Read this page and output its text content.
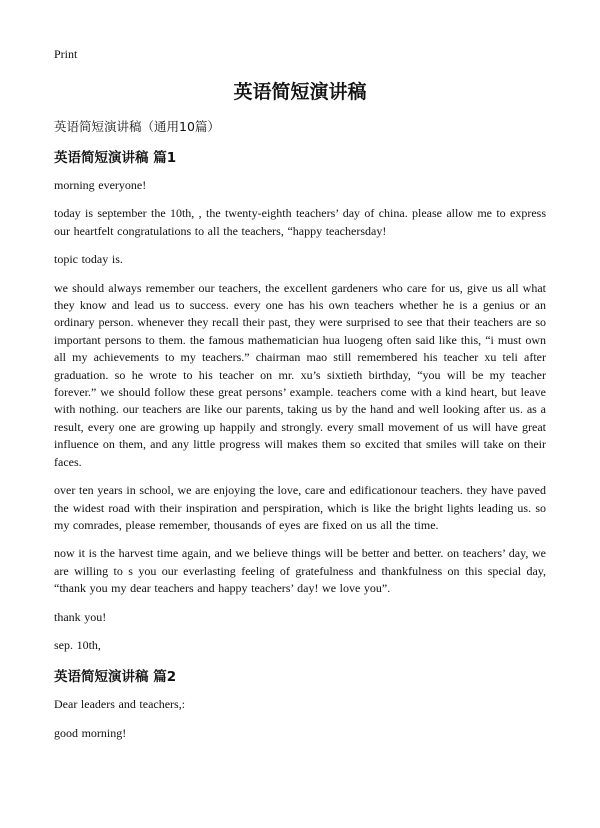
Print
英语简短演讲稿
英语简短演讲稿（通用10篇）
英语简短演讲稿 篇1

morning everyone!

today is september the 10th, , the twenty-eighth teachers’ day of china. please allow me to express our heartfelt congratulations to all the teachers, “happy teachersday!

topic today is.

we should always remember our teachers, the excellent gardeners who care for us, give us all what they know and lead us to success. every one has his own teachers whether he is a genius or an ordinary person. whenever they recall their past, they were surprised to see that their teachers are so important persons to them. the famous mathematician hua luogeng often said like this, “i must own all my achievements to my teachers.” chairman mao still remembered his teacher xu teli after graduation. so he wrote to his teacher on mr. xu’s sixtieth birthday, “you will be my teacher forever.” we should follow these great persons’ example. teachers come with a kind heart, but leave with nothing. our teachers are like our parents, taking us by the hand and well looking after us. as a result, every one are growing up happily and strongly. every small movement of us will have great influence on them, and any little progress will makes them so excited that smiles will take on their faces.

over ten years in school, we are enjoying the love, care and edificationour teachers. they have paved the widest road with their inspiration and perspiration, which is like the bright lights leading us. so my comrades, please remember, thousands of eyes are fixed on us all the time.

now it is the harvest time again, and we believe things will be better and better. on teachers’ day, we are willing to s you our everlasting feeling of gratefulness and thankfulness on this special day, “thank you my dear teachers and happy teachers’ day! we love you”.

thank you!

sep. 10th,

英语简短演讲稿 篇2

Dear leaders and teachers,:

good morning!
